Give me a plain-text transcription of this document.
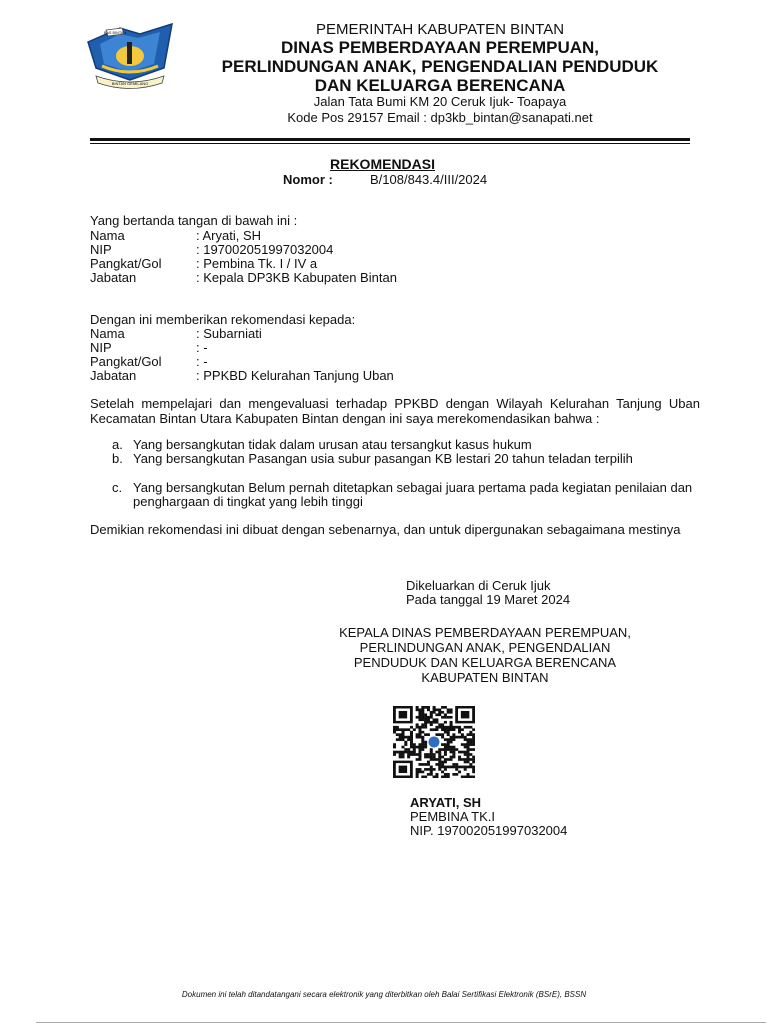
BAS BINTAN
BINTAN GEMILANG
PEMERINTAH KABUPATEN BINTAN
DINAS PEMBERDAYAAN PEREMPUAN,
PERLINDUNGAN ANAK, PENGENDALIAN PENDUDUK
DAN KELUARGA BERENCANA
Jalan Tata Bumi KM 20 Ceruk Ijuk- Toapaya
Kode Pos 29157 Email : dp3kb_bintan@sanapati.net
REKOMENDASI
Nomor :	B/108/843.4/III/2024
Yang bertanda tangan di bawah ini :
Nama	: Aryati, SH
NIP	: 197002051997032004
Pangkat/Gol	: Pembina Tk. I / IV a
Jabatan	: Kepala DP3KB Kabupaten Bintan
Dengan ini memberikan rekomendasi kepada:
Nama	: Subarniati
NIP	: -
Pangkat/Gol	: -
Jabatan	: PPKBD Kelurahan Tanjung Uban
Setelah mempelajari dan mengevaluasi terhadap PPKBD dengan Wilayah Kelurahan Tanjung Uban Kecamatan Bintan Utara Kabupaten Bintan dengan ini saya merekomendasikan bahwa :
a. Yang bersangkutan tidak dalam urusan atau tersangkut kasus hukum
b. Yang bersangkutan Pasangan usia subur pasangan KB lestari 20 tahun teladan terpilih
c. Yang bersangkutan Belum pernah ditetapkan sebagai juara pertama pada kegiatan penilaian dan penghargaan di tingkat yang lebih tinggi
Demikian rekomendasi ini dibuat dengan sebenarnya, dan untuk dipergunakan sebagaimana mestinya
Dikeluarkan di Ceruk Ijuk
Pada tanggal 19 Maret 2024
KEPALA DINAS PEMBERDAYAAN PEREMPUAN,
PERLINDUNGAN ANAK, PENGENDALIAN
PENDUDUK DAN KELUARGA BERENCANA
KABUPATEN BINTAN
ARYATI, SH
PEMBINA TK.I
NIP. 197002051997032004
Dokumen ini telah ditandatangani secara elektronik yang diterbitkan oleh Balai Sertifikasi Elektronik (BSrE), BSSN
